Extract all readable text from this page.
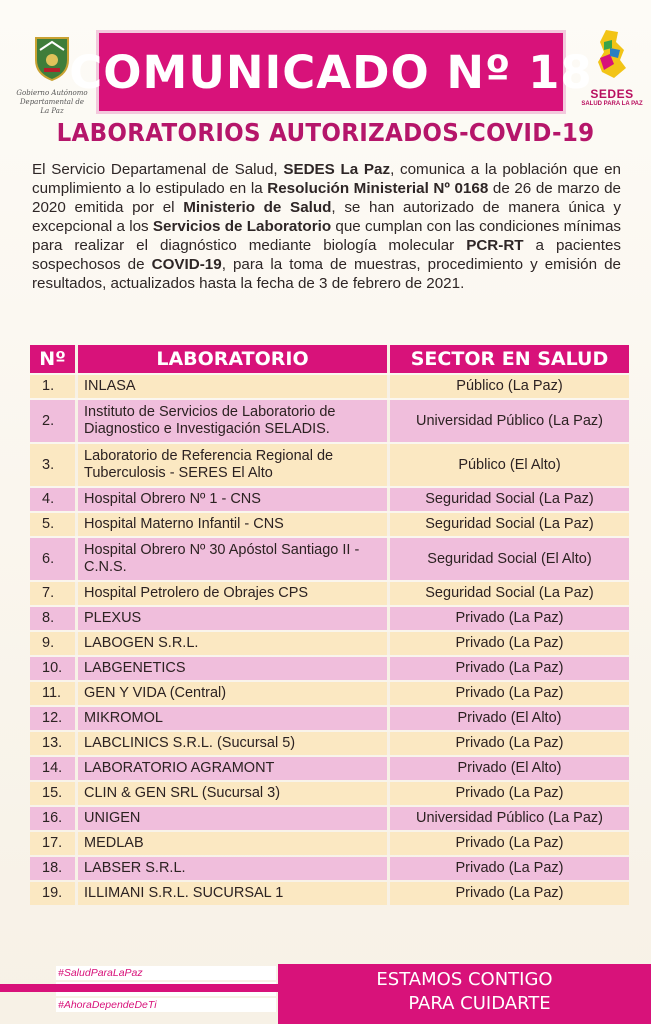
Gobierno Autónomo
Departamental de La Paz
COMUNICADO Nº 18
SEDES
SALUD PARA LA PAZ
LABORATORIOS AUTORIZADOS-COVID-19
El Servicio Departamenal de Salud, SEDES La Paz, comunica a la población que en cumplimiento a lo estipulado en la Resolución Ministerial Nº 0168 de 26 de marzo de 2020 emitida por el Ministerio de Salud, se han autorizado de manera única y excepcional a los Servicios de Laboratorio que cumplan con las condiciones mínimas para realizar el diagnóstico mediante biología molecular PCR-RT a pacientes sospechosos de COVID-19, para la toma de muestras, procedimiento y emisión de resultados, actualizados hasta la fecha de 3 de febrero de 2021.
Nº	LABORATORIO	SECTOR EN SALUD
1.	INLASA	Público (La Paz)
2.	Instituto de Servicios de Laboratorio de Diagnostico e Investigación SELADIS.	Universidad Público (La Paz)
3.	Laboratorio de Referencia Regional de Tuberculosis - SERES El Alto	Público (El Alto)
4.	Hospital Obrero Nº 1 - CNS	Seguridad Social (La Paz)
5.	Hospital Materno Infantil - CNS	Seguridad Social (La Paz)
6.	Hospital Obrero Nº 30 Apóstol Santiago II - C.N.S.	Seguridad Social (El Alto)
7.	Hospital Petrolero de Obrajes CPS	Seguridad Social (La Paz)
8.	PLEXUS	Privado (La Paz)
9.	LABOGEN S.R.L.	Privado (La Paz)
10.	LABGENETICS	Privado (La Paz)
11.	GEN Y VIDA (Central)	Privado (La Paz)
12.	MIKROMOL	Privado (El Alto)
13.	LABCLINICS S.R.L. (Sucursal 5)	Privado (La Paz)
14.	LABORATORIO AGRAMONT	Privado (El Alto)
15.	CLIN & GEN SRL (Sucursal 3)	Privado (La Paz)
16.	UNIGEN	Universidad Público (La Paz)
17.	MEDLAB	Privado (La Paz)
18.	LABSER S.R.L.	Privado (La Paz)
19.	ILLIMANI S.R.L. SUCURSAL 1	Privado (La Paz)
#SaludParaLaPaz
#AhoraDependeDeTi
ESTAMOS CONTIGO
PARA CUIDARTE
